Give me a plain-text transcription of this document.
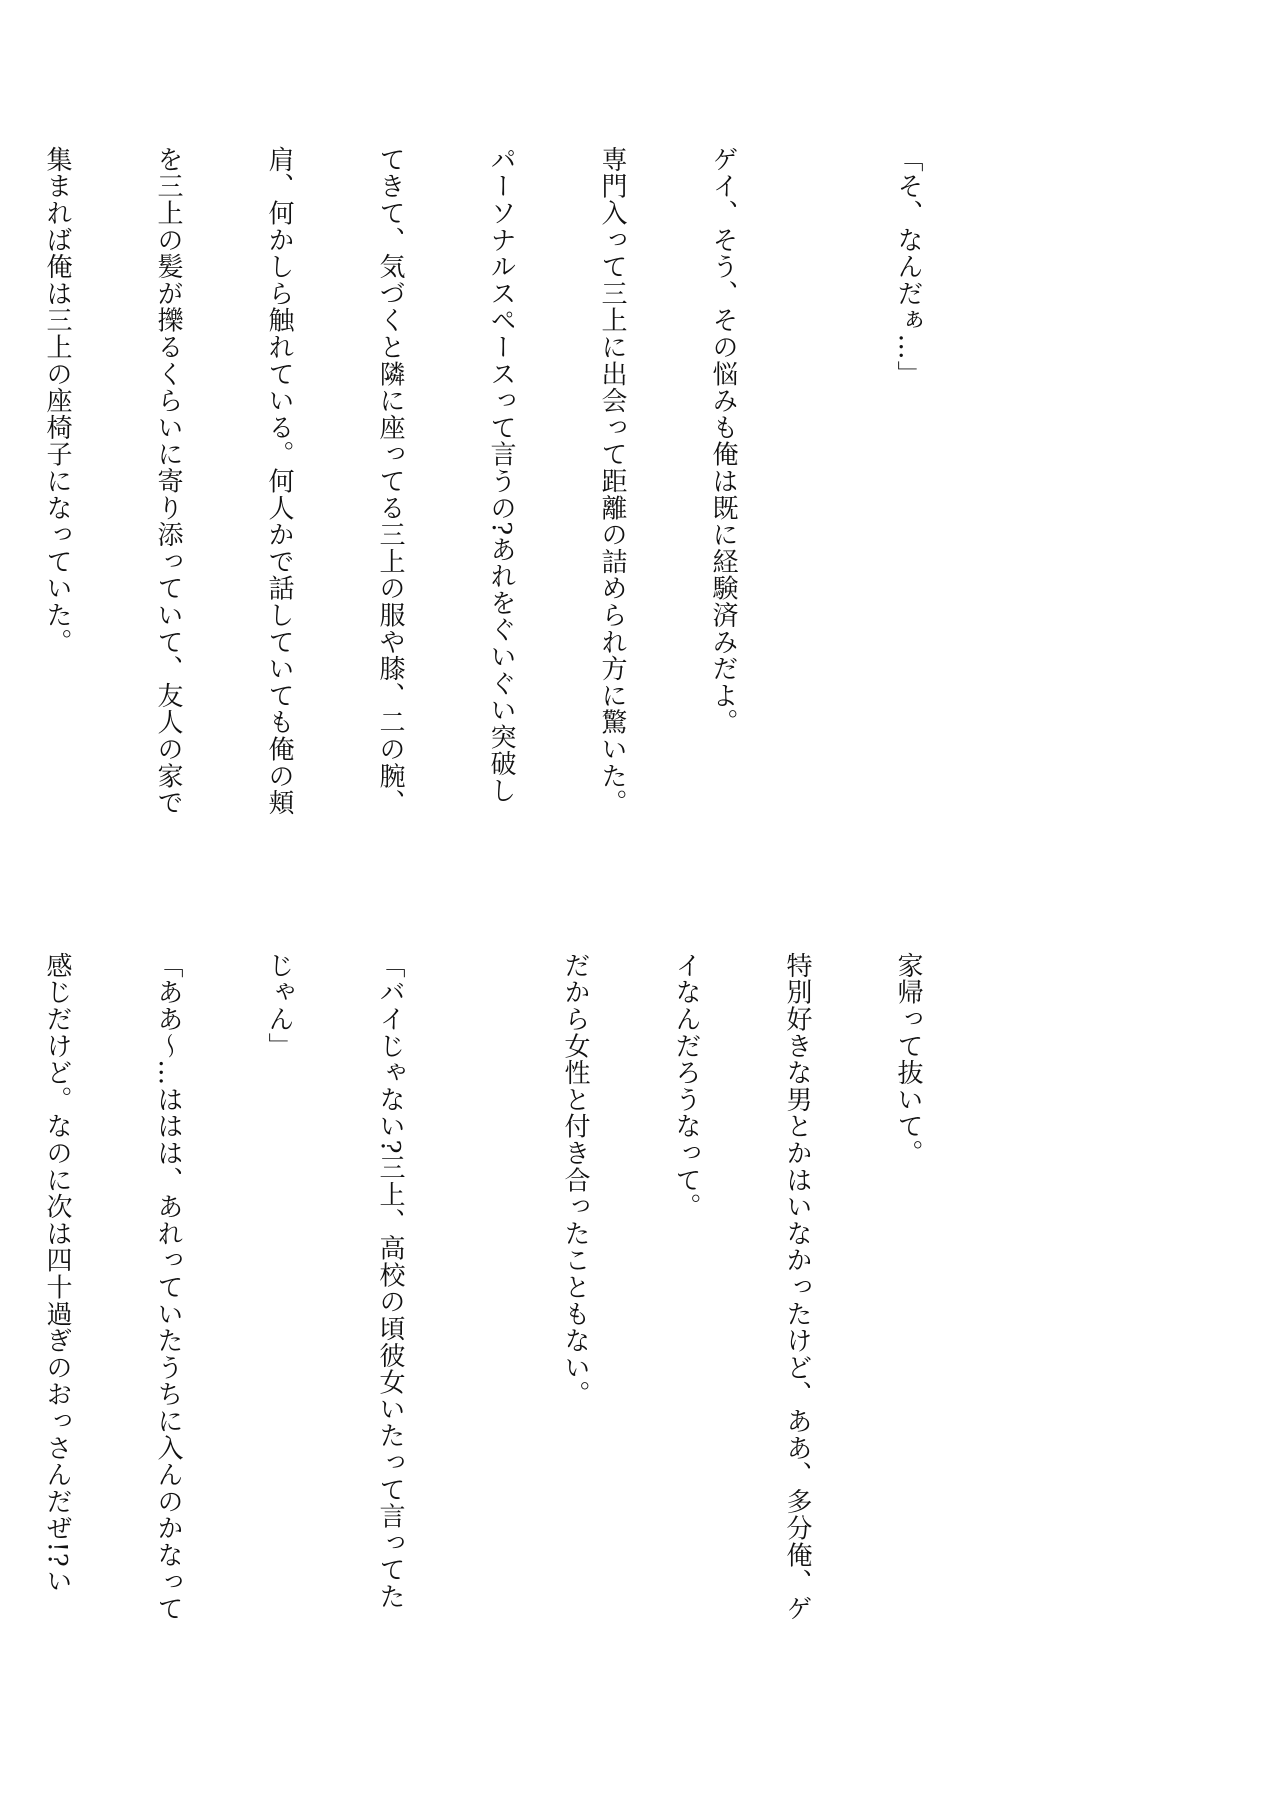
「そ、なんだぁ…」

ゲイ、そう、その悩みも俺は既に経験済みだよ。

専門入って三上に出会って距離の詰められ方に驚いた。

パーソナルスペースって言うの?あれをぐいぐい突破し

てきて、気づくと隣に座ってる三上の服や膝、二の腕、

肩、何かしら触れている。何人かで話していても俺の頬

を三上の髪が擽るくらいに寄り添っていて、友人の家で

集まれば俺は三上の座椅子になっていた。

家帰って抜いて。

特別好きな男とかはいなかったけど、ああ、多分俺、ゲ

イなんだろうなって。

だから女性と付き合ったこともない。

「バイじゃない?三上、高校の頃彼女いたって言ってた

じゃん」

「ああ〜…ははは、あれっていたうちに入んのかなって

感じだけど。なのに次は四十過ぎのおっさんだぜ!?い
